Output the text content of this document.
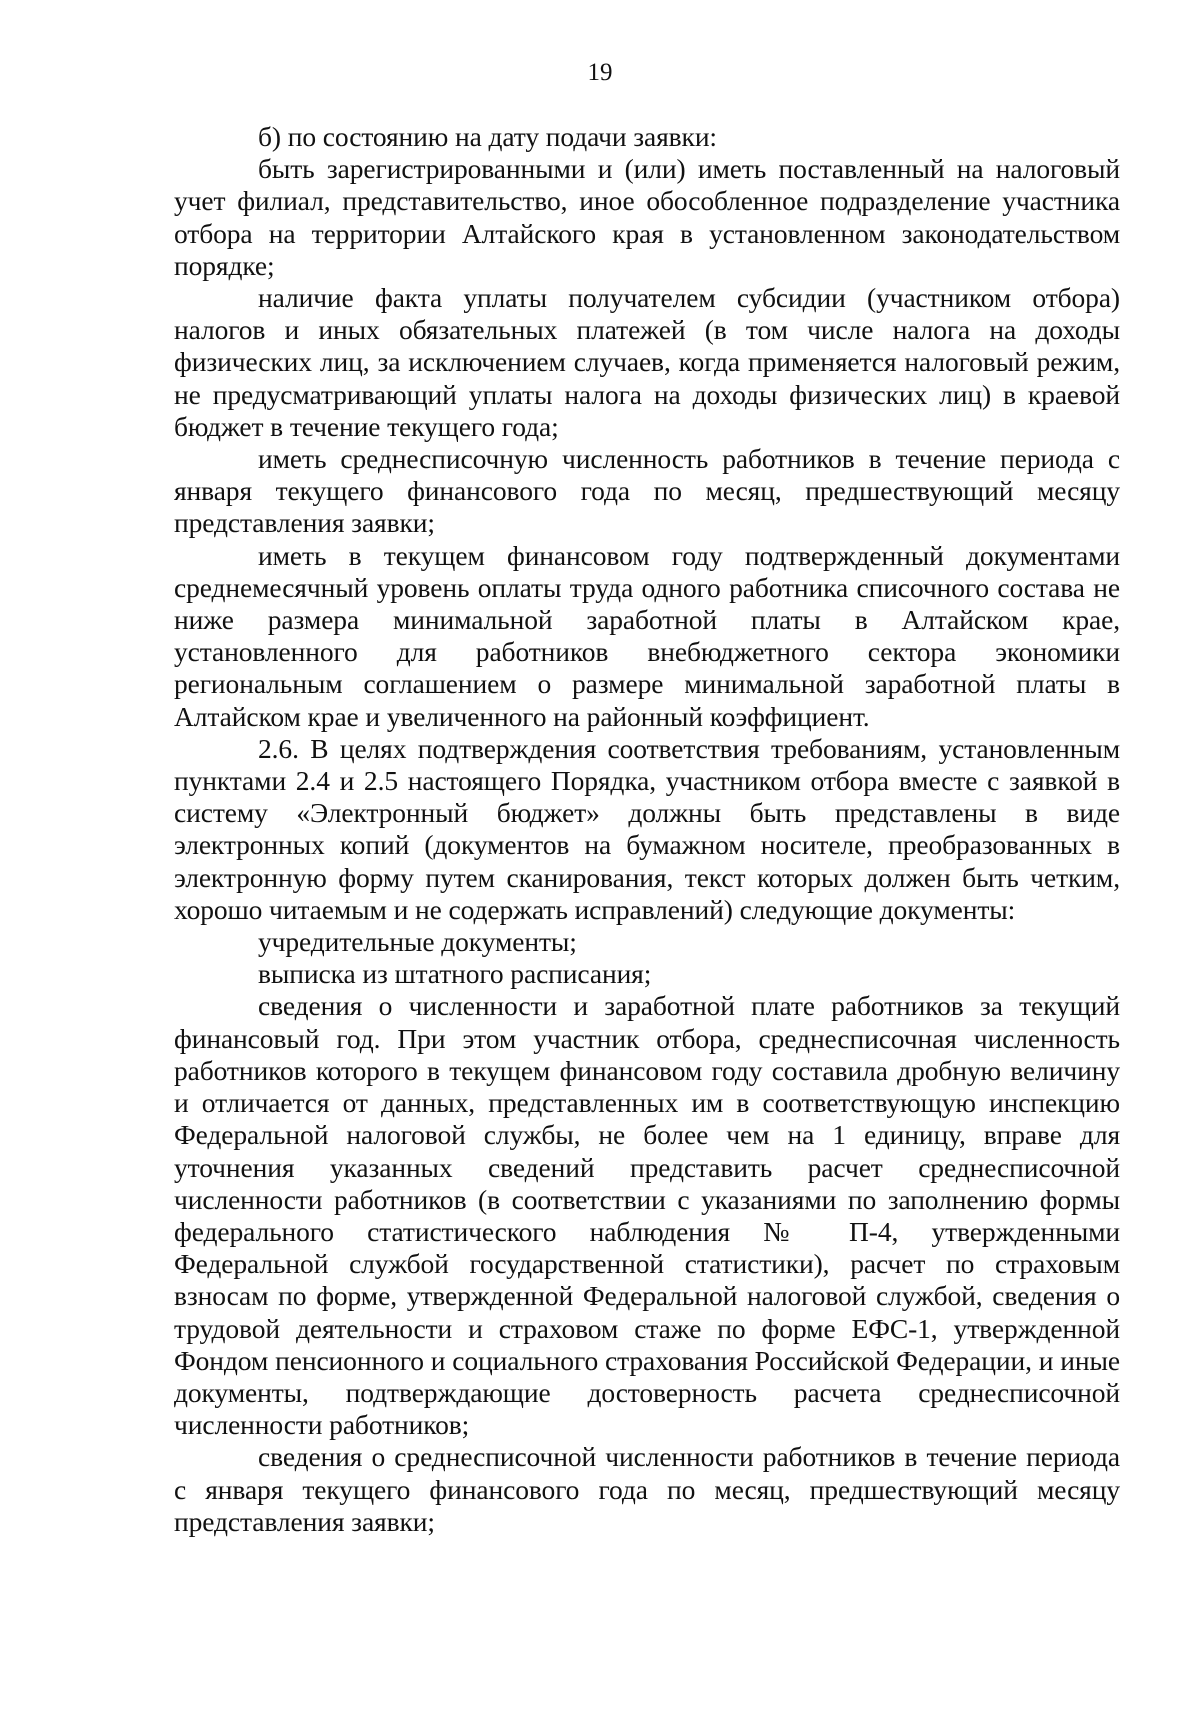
19

б) по состоянию на дату подачи заявки:

быть зарегистрированными и (или) иметь поставленный на налоговый учет филиал, представительство, иное обособленное подразделение участника отбора на территории Алтайского края в установленном законодательством порядке;

наличие факта уплаты получателем субсидии (участником отбора) налогов и иных обязательных платежей (в том числе налога на доходы физических лиц, за исключением случаев, когда применяется налоговый режим, не предусматривающий уплаты налога на доходы физических лиц) в краевой бюджет в течение текущего года;

иметь среднесписочную численность работников в течение периода с января текущего финансового года по месяц, предшествующий месяцу представления заявки;

иметь в текущем финансовом году подтвержденный документами среднемесячный уровень оплаты труда одного работника списочного состава не ниже размера минимальной заработной платы в Алтайском крае, установленного для работников внебюджетного сектора экономики региональным соглашением о размере минимальной заработной платы в Алтайском крае и увеличенного на районный коэффициент.

2.6. В целях подтверждения соответствия требованиям, установленным пунктами 2.4 и 2.5 настоящего Порядка, участником отбора вместе с заявкой в систему «Электронный бюджет» должны быть представлены в виде электронных копий (документов на бумажном носителе, преобразованных в электронную форму путем сканирования, текст которых должен быть четким, хорошо читаемым и не содержать исправлений) следующие документы:

учредительные документы;

выписка из штатного расписания;

сведения о численности и заработной плате работников за текущий финансовый год. При этом участник отбора, среднесписочная численность работников которого в текущем финансовом году составила дробную величину и отличается от данных, представленных им в соответствующую инспекцию Федеральной налоговой службы, не более чем на 1 единицу, вправе для уточнения указанных сведений представить расчет среднесписочной численности работников (в соответствии с указаниями по заполнению формы федерального статистического наблюдения № П-4, утвержденными Федеральной службой государственной статистики), расчет по страховым взносам по форме, утвержденной Федеральной налоговой службой, сведения о трудовой деятельности и страховом стаже по форме ЕФС-1, утвержденной Фондом пенсионного и социального страхования Российской Федерации, и иные документы, подтверждающие достоверность расчета среднесписочной численности работников;

сведения о среднесписочной численности работников в течение периода с января текущего финансового года по месяц, предшествующий месяцу представления заявки;
